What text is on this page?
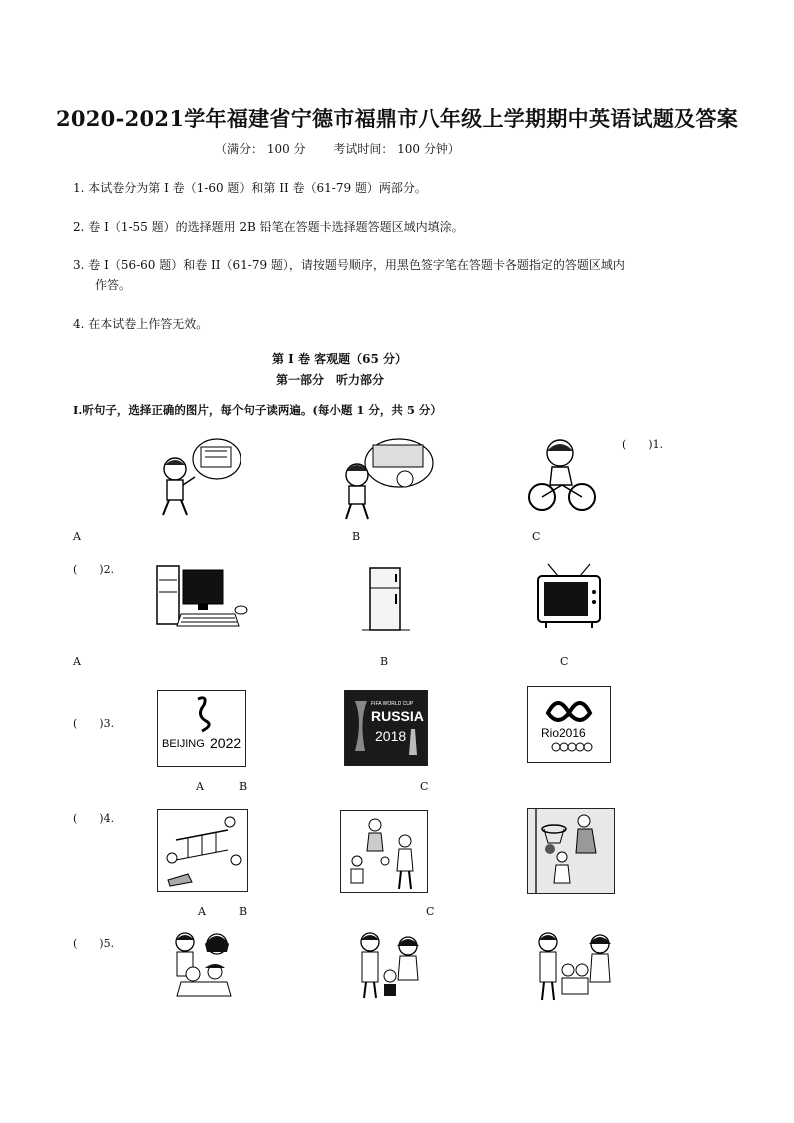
2020-2021学年福建省宁德市福鼎市八年级上学期期中英语试题及答案
（满分： 100 分　　 考试时间： 100 分钟）
1. 本试卷分为第 I 卷（1-60 题）和第 II 卷（61-79 题）两部分。
2. 卷 I（1-55 题）的选择题用 2B 铅笔在答题卡选择题答题区域内填涂。
3. 卷 I（56-60 题）和卷 II（61-79 题），请按题号顺序，用黑色签字笔在答题卡各题指定的答题区域内
作答。
4. 在本试卷上作答无效。
第 I 卷 客观题（65 分）
第一部分　听力部分
I.听句子，选择正确的图片，每个句子读两遍。(每小题 1 分，共 5 分）
(　　)1.
A	B	C
(　　)2.
A	B	C
(　　)3.
BEIJING 2022
FIFA WORLD CUP
RUSSIA
2018	Rio2016
A	B	C
(　　)4.
A	B	C
(　　)5.
